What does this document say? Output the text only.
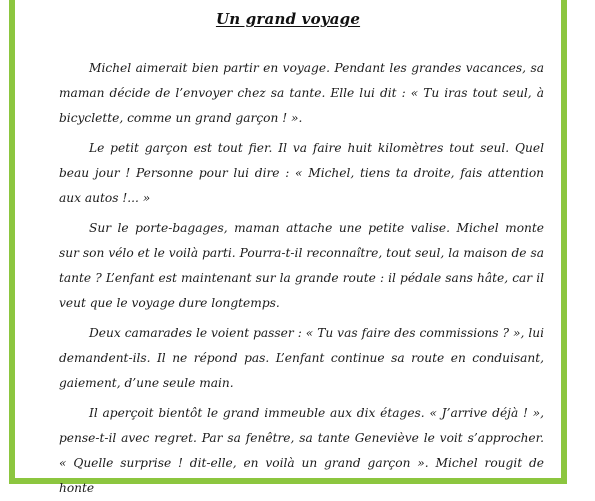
Un grand voyage

Michel aimerait bien partir en voyage. Pendant les grandes vacances, sa maman décide de l’envoyer chez sa tante. Elle lui dit : « Tu iras tout seul, à bicyclette, comme un grand garçon ! ».

Le petit garçon est tout fier. Il va faire huit kilomètres tout seul. Quel beau jour ! Personne pour lui dire : « Michel, tiens ta droite, fais attention aux autos !... »

Sur le porte-bagages, maman attache une petite valise. Michel monte sur son vélo et le voilà parti. Pourra-t-il reconnaître, tout seul, la maison de sa tante ? L’enfant est maintenant sur la grande route : il pédale sans hâte, car il veut que le voyage dure longtemps.

Deux camarades le voient passer : « Tu vas faire des commissions ? », lui demandent-ils. Il ne répond pas. L’enfant continue sa route en conduisant, gaiement, d’une seule main.

Il aperçoit bientôt le grand immeuble aux dix étages. « J’arrive déjà ! », pense-t-il avec regret. Par sa fenêtre, sa tante Geneviève le voit s’approcher. « Quelle surprise ! dit-elle, en voilà un grand garçon ». Michel rougit de honte
